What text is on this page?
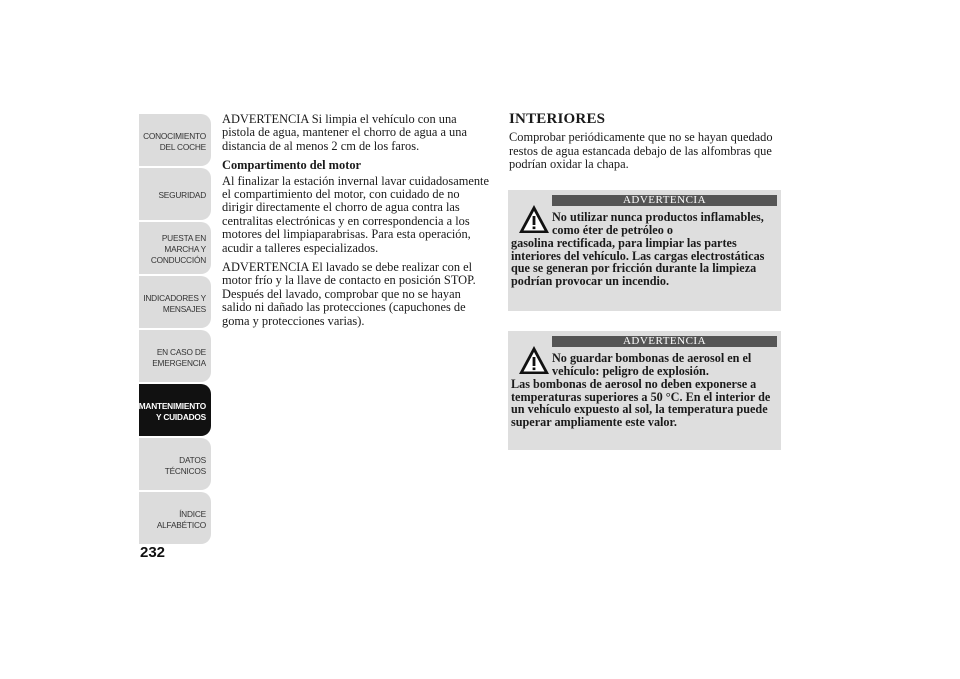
CONOCIMIENTO
DEL COCHE
SEGURIDAD
PUESTA EN
MARCHA Y
CONDUCCIÓN
INDICADORES Y
MENSAJES
EN CASO DE
EMERGENCIA
MANTENIMIENTO
Y CUIDADOS
DATOS TÉCNICOS
ÍNDICE
ALFABÉTICO
232

ADVERTENCIA Si limpia el vehículo con una pistola de agua, mantener el chorro de agua a una distancia de al menos 2 cm de los faros.

Compartimento del motor

Al finalizar la estación invernal lavar cuidadosamente el compartimiento del motor, con cuidado de no dirigir directamente el chorro de agua contra las centralitas electrónicas y en correspondencia a los motores del limpiaparabrisas. Para esta operación, acudir a talleres especializados.

ADVERTENCIA El lavado se debe realizar con el motor frío y la llave de contacto en posición STOP. Después del lavado, comprobar que no se hayan salido ni dañado las protecciones (capuchones de goma y protecciones varias).

INTERIORES

Comprobar periódicamente que no se hayan quedado restos de agua estancada debajo de las alfombras que podrían oxidar la chapa.

ADVERTENCIA
No utilizar nunca productos inflamables, como éter de petróleo o
gasolina rectificada, para limpiar las partes interiores del vehículo. Las cargas electrostáticas que se generan por fricción durante la limpieza podrían provocar un incendio.
ADVERTENCIA
No guardar bombonas de aerosol en el vehículo: peligro de explosión.
Las bombonas de aerosol no deben exponerse a temperaturas superiores a 50 °C. En el interior de un vehículo expuesto al sol, la temperatura puede superar ampliamente este valor.
